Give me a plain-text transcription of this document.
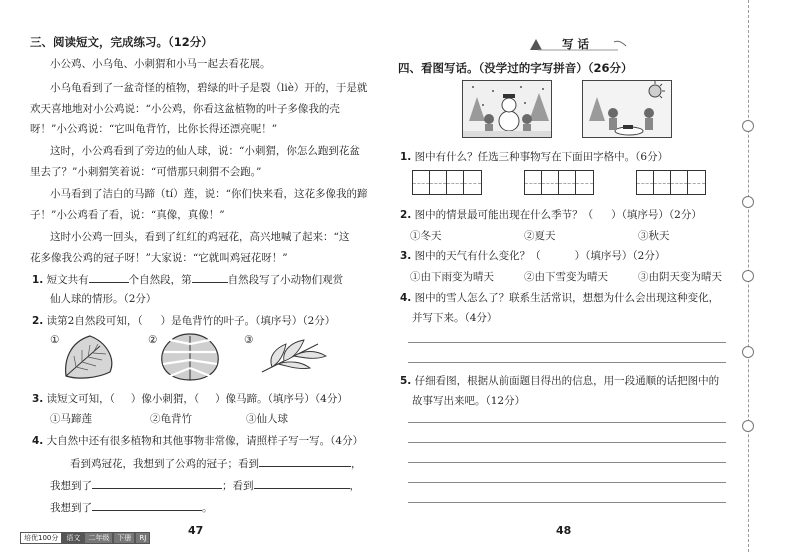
三、阅读短文，完成练习。（12分）
小公鸡、小乌龟、小刺猬和小马一起去看花展。
小乌龟看到了一盆奇怪的植物，碧绿的叶子是裂（liè）开的，于是就
欢天喜地地对小公鸡说：“小公鸡，你看这盆植物的叶子多像我的壳
呀！”小公鸡说：“它叫龟背竹，比你长得还漂亮呢！”
这时，小公鸡看到了旁边的仙人球，说：“小刺猬，你怎么跑到花盆
里去了？”小刺猬笑着说：“可惜那只刺猬不会跑。”
小马看到了洁白的马蹄（tí）莲，说：“你们快来看，这花多像我的蹄
子！”小公鸡看了看，说：“真像，真像！”
这时小公鸡一回头，看到了红红的鸡冠花，高兴地喊了起来：“这
花多像我公鸡的冠子呀！”大家说：“它就叫鸡冠花呀！”
1. 短文共有	个自然段，第	自然段写了小动物们观赏
仙人球的情形。（2分）
2. 读第2自然段可知，（ ）是龟背竹的叶子。（填序号）（2分）
①	②	③
3. 读短文可知，（ ）像小刺猬，（ ）像马蹄。（填序号）（4分）
①马蹄莲	②龟背竹	③仙人球
4. 大自然中还有很多植物和其他事物非常像，请照样子写一写。（4分）
看到鸡冠花，我想到了公鸡的冠子；看到	，
我想到了	；看到	，
我想到了	。
培优100分	语文	二年级	下册	RJ
47
写 话
四、看图写话。（没学过的字写拼音）（26分）
1. 图中有什么？任选三种事物写在下面田字格中。（6分）
2. 图中的情景最可能出现在什么季节？（ ）（填序号）（2分）
①冬天	②夏天	③秋天
3. 图中的天气有什么变化？（	）（填序号）（2分）
①由下雨变为晴天	②由下雪变为晴天	③由阴天变为晴天
4. 图中的雪人怎么了？联系生活常识，想想为什么会出现这种变化，
并写下来。（4分）
5. 仔细看图，根据从前面题目得出的信息，用一段通顺的话把图中的
故事写出来吧。（12分）
48
